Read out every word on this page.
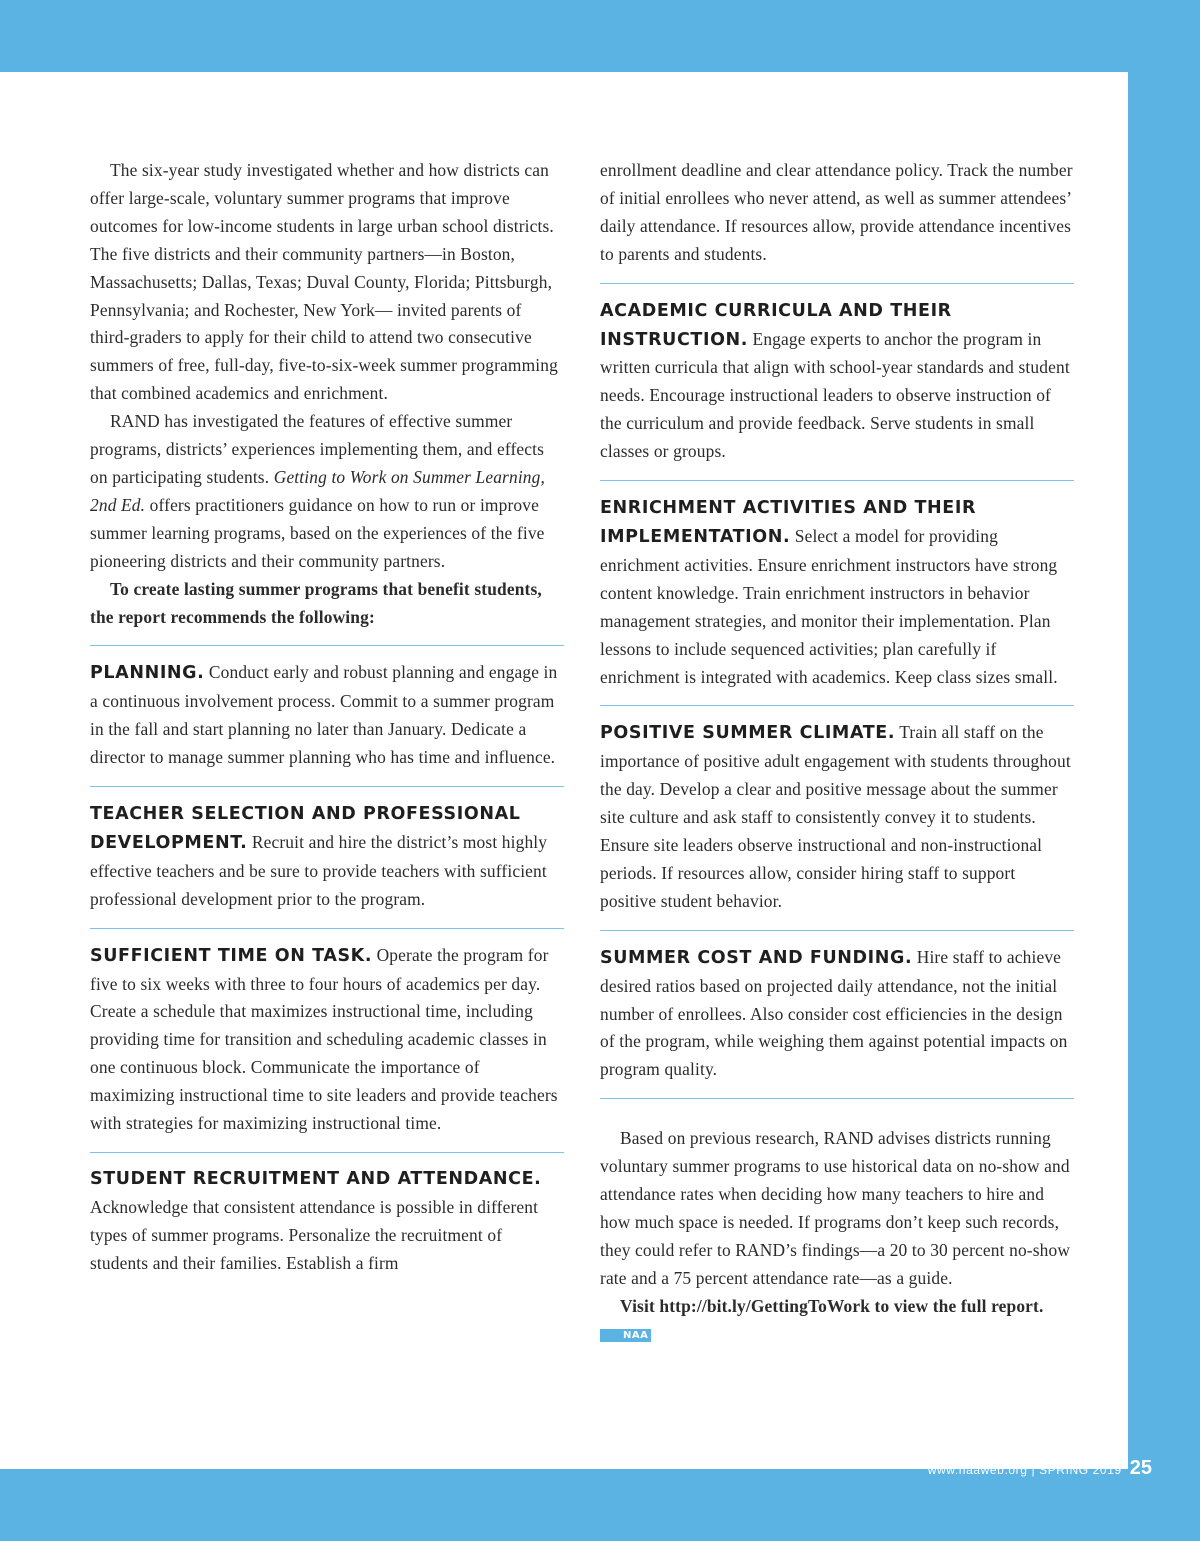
The six-year study investigated whether and how districts can offer large-scale, voluntary summer programs that improve outcomes for low-income students in large urban school districts. The five districts and their community partners—in Boston, Massachusetts; Dallas, Texas; Duval County, Florida; Pittsburgh, Pennsylvania; and Rochester, New York— invited parents of third-graders to apply for their child to attend two consecutive summers of free, full-day, five-to-six-week summer programming that combined academics and enrichment.

RAND has investigated the features of effective summer programs, districts’ experiences implementing them, and effects on participating students. Getting to Work on Summer Learning, 2nd Ed. offers practitioners guidance on how to run or improve summer learning programs, based on the experiences of the five pioneering districts and their community partners.

To create lasting summer programs that benefit students, the report recommends the following:

PLANNING. Conduct early and robust planning and engage in a continuous involvement process. Commit to a summer program in the fall and start planning no later than January. Dedicate a director to manage summer planning who has time and influence.

TEACHER SELECTION AND PROFESSIONAL DEVELOPMENT. Recruit and hire the district’s most highly effective teachers and be sure to provide teachers with sufficient professional development prior to the program.

SUFFICIENT TIME ON TASK. Operate the program for five to six weeks with three to four hours of academics per day. Create a schedule that maximizes instructional time, including providing time for transition and scheduling academic classes in one continuous block. Communicate the importance of maximizing instructional time to site leaders and provide teachers with strategies for maximizing instructional time.

STUDENT RECRUITMENT AND ATTENDANCE.

Acknowledge that consistent attendance is possible in different types of summer programs. Personalize the recruitment of students and their families. Establish a firm

enrollment deadline and clear attendance policy. Track the number of initial enrollees who never attend, as well as summer attendees’ daily attendance. If resources allow, provide attendance incentives to parents and students.

ACADEMIC CURRICULA AND THEIR INSTRUCTION. Engage experts to anchor the program in written curricula that align with school-year standards and student needs. Encourage instructional leaders to observe instruction of the curriculum and provide feedback. Serve students in small classes or groups.

ENRICHMENT ACTIVITIES AND THEIR IMPLEMENTATION. Select a model for providing enrichment activities. Ensure enrichment instructors have strong content knowledge. Train enrichment instructors in behavior management strategies, and monitor their implementation. Plan lessons to include sequenced activities; plan carefully if enrichment is integrated with academics. Keep class sizes small.

POSITIVE SUMMER CLIMATE. Train all staff on the importance of positive adult engagement with students throughout the day. Develop a clear and positive message about the summer site culture and ask staff to consistently convey it to students. Ensure site leaders observe instructional and non-instructional periods. If resources allow, consider hiring staff to support positive student behavior.

SUMMER COST AND FUNDING. Hire staff to achieve desired ratios based on projected daily attendance, not the initial number of enrollees. Also consider cost efficiencies in the design of the program, while weighing them against potential impacts on program quality.

Based on previous research, RAND advises districts running voluntary summer programs to use historical data on no-show and attendance rates when deciding how many teachers to hire and how much space is needed. If programs don’t keep such records, they could refer to RAND’s findings—a 20 to 30 percent no-show rate and a 75 percent attendance rate—as a guide.

Visit http://bit.ly/GettingToWork to view the full report. NAA

www.naaweb.org | SPRING 2019 25
